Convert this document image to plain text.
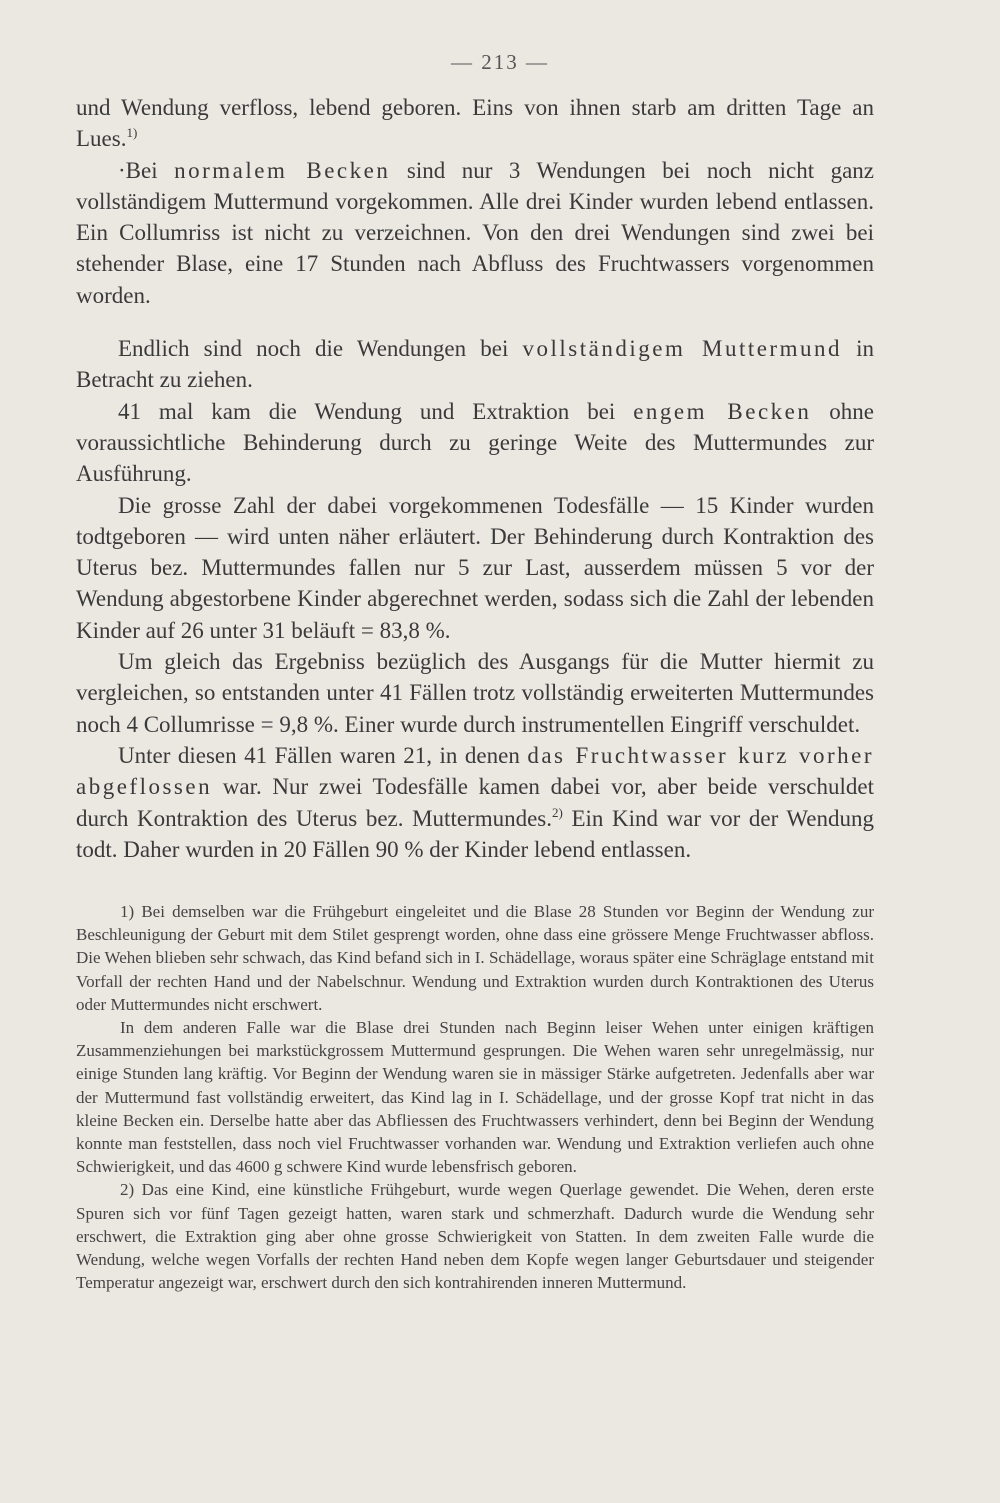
— 213 —

und Wendung verfloss, lebend geboren. Eins von ihnen starb am dritten Tage an Lues.$^{1)}$

·Bei normalem Becken sind nur 3 Wendungen bei noch nicht ganz vollständigem Muttermund vorgekommen. Alle drei Kinder wurden lebend entlassen. Ein Collumriss ist nicht zu verzeichnen. Von den drei Wendungen sind zwei bei stehender Blase, eine 17 Stunden nach Abfluss des Fruchtwassers vorgenommen worden.

Endlich sind noch die Wendungen bei vollständigem Muttermund in Betracht zu ziehen.

41 mal kam die Wendung und Extraktion bei engem Becken ohne voraussichtliche Behinderung durch zu geringe Weite des Muttermundes zur Ausführung.

Die grosse Zahl der dabei vorgekommenen Todesfälle — 15 Kinder wurden todtgeboren — wird unten näher erläutert. Der Behinderung durch Kontraktion des Uterus bez. Muttermundes fallen nur 5 zur Last, ausserdem müssen 5 vor der Wendung abgestorbene Kinder abgerechnet werden, sodass sich die Zahl der lebenden Kinder auf 26 unter 31 beläuft = 83,8 %.

Um gleich das Ergebniss bezüglich des Ausgangs für die Mutter hiermit zu vergleichen, so entstanden unter 41 Fällen trotz vollständig erweiterten Muttermundes noch 4 Collumrisse = 9,8 %. Einer wurde durch instrumentellen Eingriff verschuldet.

Unter diesen 41 Fällen waren 21, in denen das Fruchtwasser kurz vorher abgeflossen war. Nur zwei Todesfälle kamen dabei vor, aber beide verschuldet durch Kontraktion des Uterus bez. Muttermundes.$^{2)}$ Ein Kind war vor der Wendung todt. Daher wurden in 20 Fällen 90 % der Kinder lebend entlassen.

1) Bei demselben war die Frühgeburt eingeleitet und die Blase 28 Stunden vor Beginn der Wendung zur Beschleunigung der Geburt mit dem Stilet gesprengt worden, ohne dass eine grössere Menge Fruchtwasser abfloss. Die Wehen blieben sehr schwach, das Kind befand sich in I. Schädellage, woraus später eine Schräglage entstand mit Vorfall der rechten Hand und der Nabelschnur. Wendung und Extraktion wurden durch Kontraktionen des Uterus oder Muttermundes nicht erschwert.

In dem anderen Falle war die Blase drei Stunden nach Beginn leiser Wehen unter einigen kräftigen Zusammenziehungen bei markstückgrossem Muttermund gesprungen. Die Wehen waren sehr unregelmässig, nur einige Stunden lang kräftig. Vor Beginn der Wendung waren sie in mässiger Stärke aufgetreten. Jedenfalls aber war der Muttermund fast vollständig erweitert, das Kind lag in I. Schädellage, und der grosse Kopf trat nicht in das kleine Becken ein. Derselbe hatte aber das Abfliessen des Fruchtwassers verhindert, denn bei Beginn der Wendung konnte man feststellen, dass noch viel Fruchtwasser vorhanden war. Wendung und Extraktion verliefen auch ohne Schwierigkeit, und das 4600 g schwere Kind wurde lebensfrisch geboren.

2) Das eine Kind, eine künstliche Frühgeburt, wurde wegen Querlage gewendet. Die Wehen, deren erste Spuren sich vor fünf Tagen gezeigt hatten, waren stark und schmerzhaft. Dadurch wurde die Wendung sehr erschwert, die Extraktion ging aber ohne grosse Schwierigkeit von Statten. In dem zweiten Falle wurde die Wendung, welche wegen Vorfalls der rechten Hand neben dem Kopfe wegen langer Geburtsdauer und steigender Temperatur angezeigt war, erschwert durch den sich kontrahirenden inneren Muttermund.
